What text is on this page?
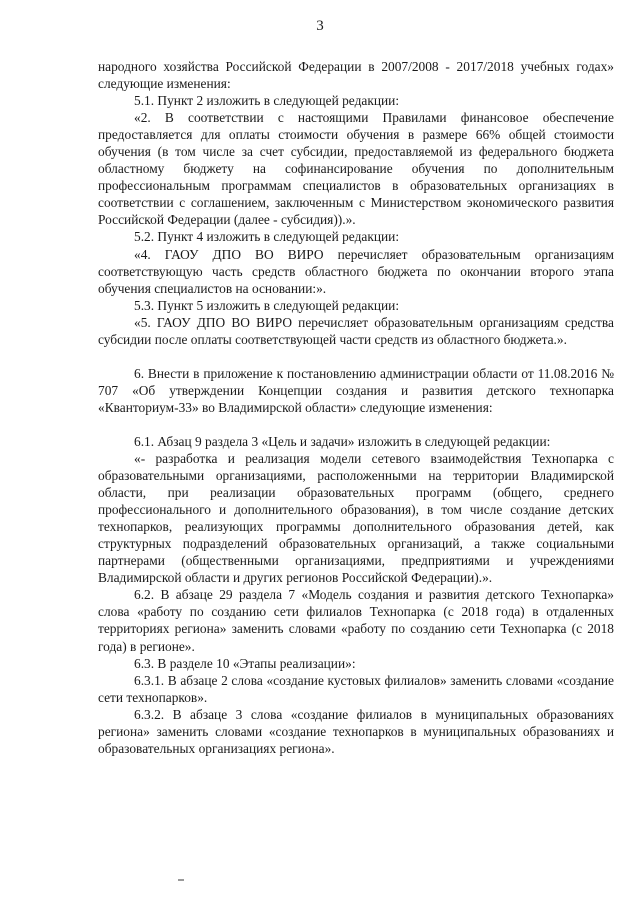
3

народного хозяйства Российской Федерации в 2007/2008 - 2017/2018 учебных годах» следующие изменения:

5.1. Пункт 2 изложить в следующей редакции:

«2. В соответствии с настоящими Правилами финансовое обеспечение предоставляется для оплаты стоимости обучения в размере 66% общей стоимости обучения (в том числе за счет субсидии, предоставляемой из федерального бюджета областному бюджету на софинансирование обучения по дополнительным профессиональным программам специалистов в образовательных организациях в соответствии с соглашением, заключенным с Министерством экономического развития Российской Федерации (далее - субсидия)).».

5.2. Пункт 4 изложить в следующей редакции:

«4. ГАОУ ДПО ВО ВИРО перечисляет образовательным организациям соответствующую часть средств областного бюджета по окончании второго этапа обучения специалистов на основании:».

5.3. Пункт 5 изложить в следующей редакции:

«5. ГАОУ ДПО ВО ВИРО перечисляет образовательным организациям средства субсидии после оплаты соответствующей части средств из областного бюджета.».

6. Внести в приложение к постановлению администрации области от 11.08.2016 № 707 «Об утверждении Концепции создания и развития детского технопарка «Кванториум-33» во Владимирской области» следующие изменения:

6.1. Абзац 9 раздела 3 «Цель и задачи» изложить в следующей редакции:

«- разработка и реализация модели сетевого взаимодействия Технопарка с образовательными организациями, расположенными на территории Владимирской области, при реализации образовательных программ (общего, среднего профессионального и дополнительного образования), в том числе создание детских технопарков, реализующих программы дополнительного образования детей, как структурных подразделений образовательных организаций, а также социальными партнерами (общественными организациями, предприятиями и учреждениями Владимирской области и других регионов Российской Федерации).».

6.2. В абзаце 29 раздела 7 «Модель создания и развития детского Технопарка» слова «работу по созданию сети филиалов Технопарка (с 2018 года) в отдаленных территориях региона» заменить словами «работу по созданию сети Технопарка (с 2018 года) в регионе».

6.3. В разделе 10 «Этапы реализации»:

6.3.1. В абзаце 2 слова «создание кустовых филиалов» заменить словами «создание сети технопарков».

6.3.2. В абзаце 3 слова «создание филиалов в муниципальных образованиях региона» заменить словами «создание технопарков в муниципальных образованиях и образовательных организациях региона».
